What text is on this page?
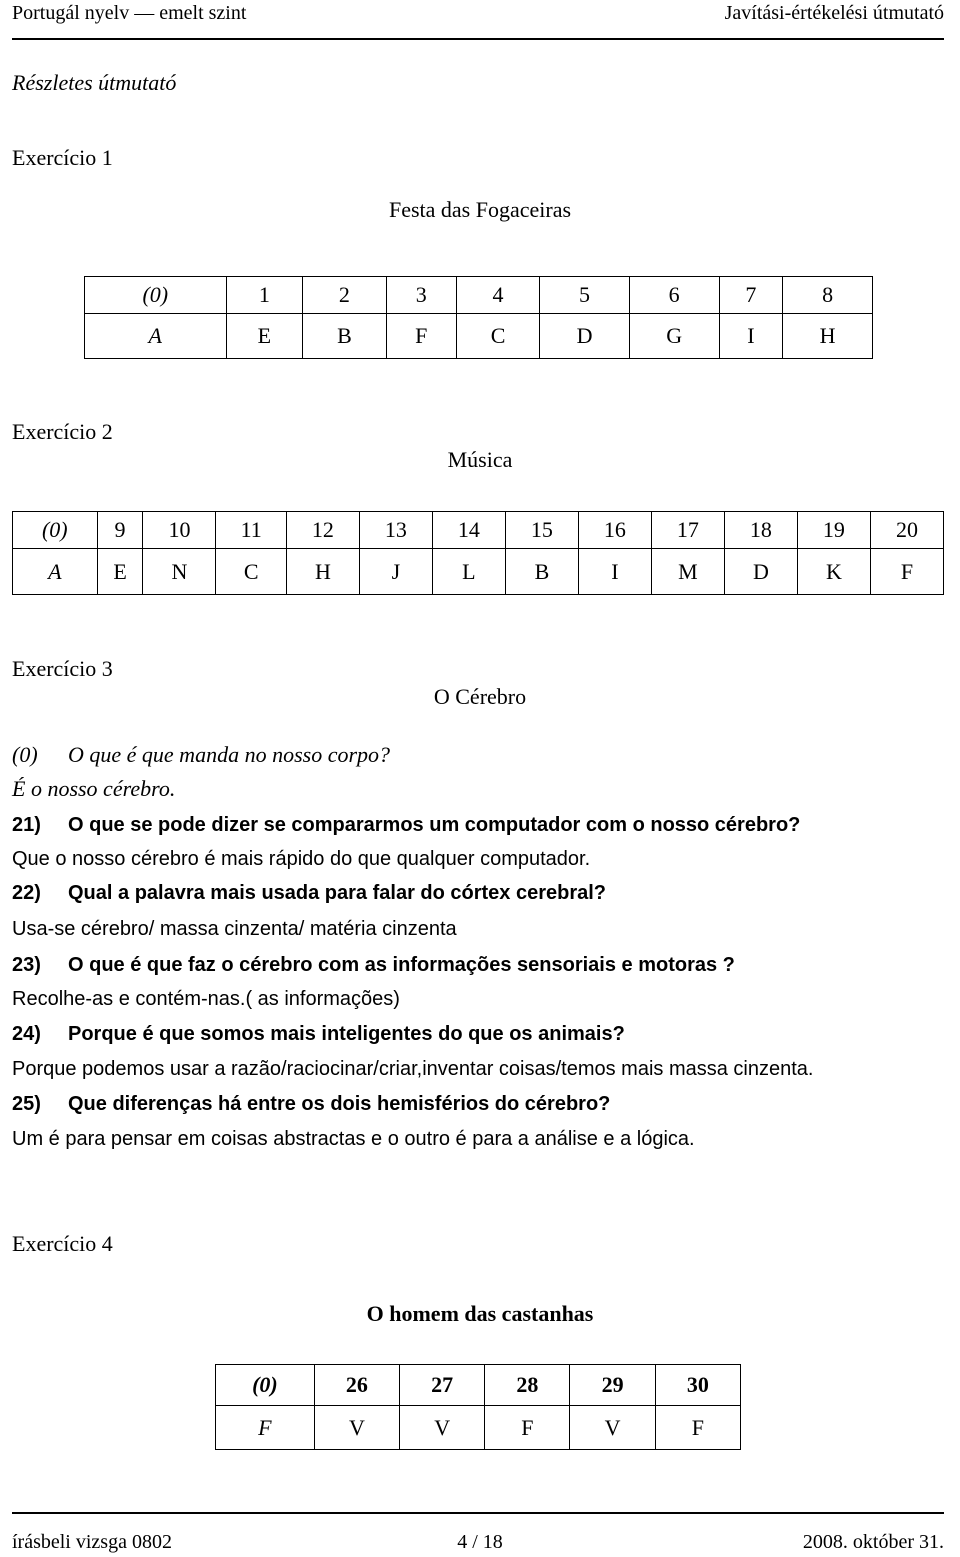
Portugál nyelv — emelt szint	Javítási-értékelési útmutató
Részletes útmutató
Exercício 1
Festa das Fogaceiras
(0)	1	2	3	4	5	6	7	8
A	E	B	F	C	D	G	I	H
Exercício 2
Música
(0)	9	10	11	12	13	14	15	16	17	18	19	20
A	E	N	C	H	J	L	B	I	M	D	K	F
Exercício 3
O Cérebro
(0) O que é que manda no nosso corpo?
É o nosso cérebro.
21) O que se pode dizer se compararmos um computador com o nosso cérebro?
Que o nosso cérebro é mais rápido do que qualquer computador.
22) Qual a palavra mais usada para falar do córtex cerebral?
Usa-se cérebro/ massa cinzenta/ matéria cinzenta
23) O que é que faz o cérebro com as informações sensoriais e motoras ?
Recolhe-as e contém-nas.( as informações)
24) Porque é que somos mais inteligentes do que os animais?
Porque podemos usar a razão/raciocinar/criar,inventar coisas/temos mais massa cinzenta.
25) Que diferenças há entre os dois hemisférios do cérebro?
Um é para pensar em coisas abstractas e o outro é para a análise e a lógica.
Exercício 4
O homem das castanhas
(0)	26	27	28	29	30
F	V	V	F	V	F
írásbeli vizsga 0802	4 / 18	2008. október 31.
